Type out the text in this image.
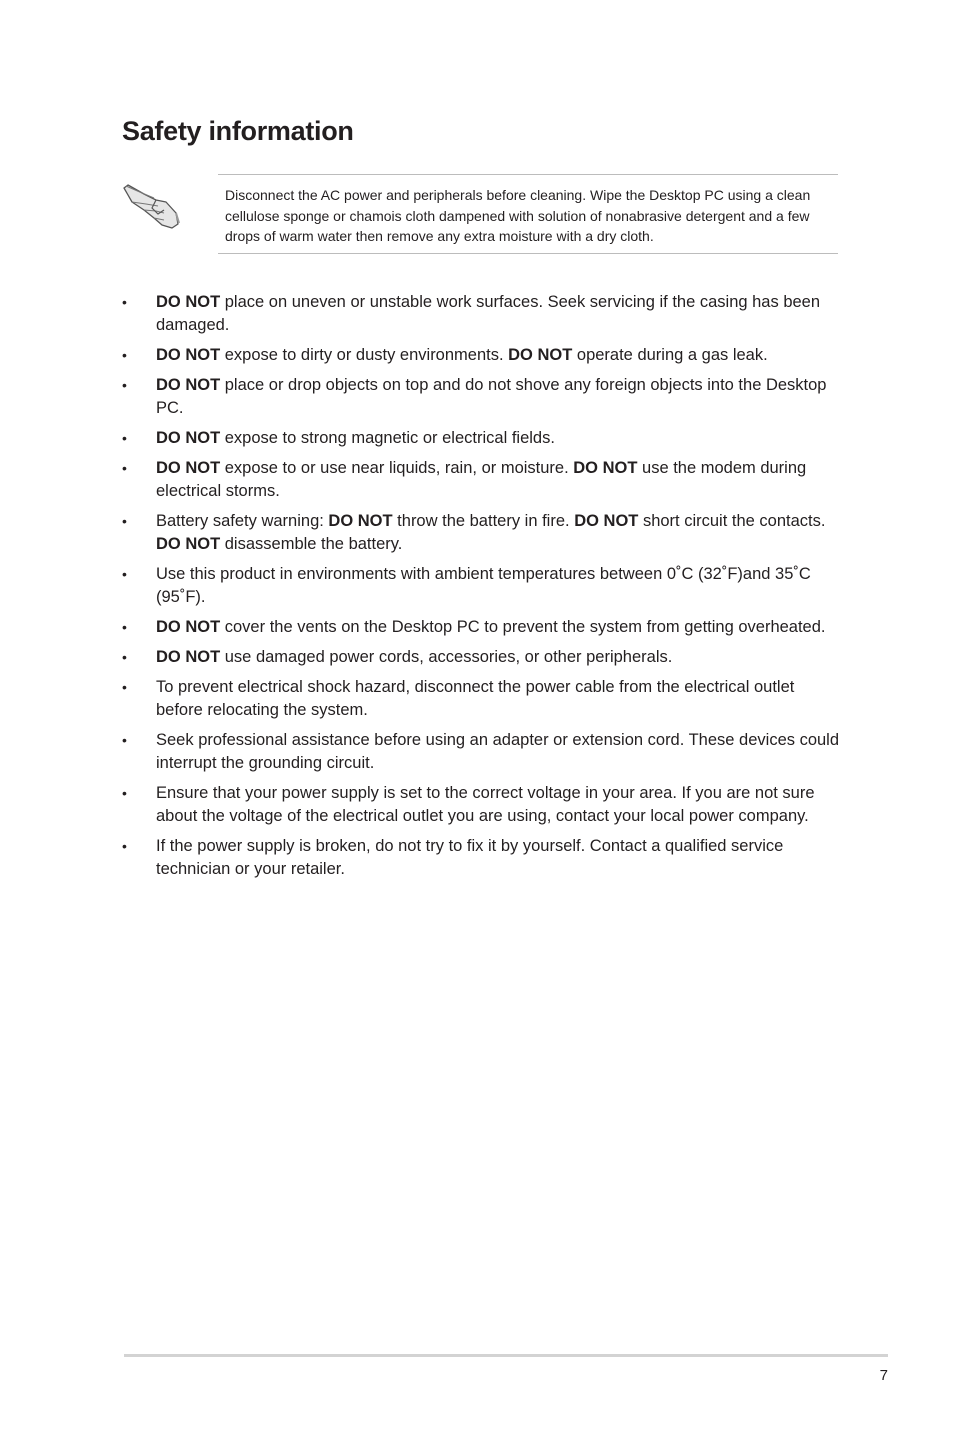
Safety information
Disconnect the AC power and peripherals before cleaning. Wipe the Desktop PC using a clean cellulose sponge or chamois cloth dampened with solution of nonabrasive detergent and a few drops of warm water then remove any extra moisture with a dry cloth.
• DO NOT place on uneven or unstable work surfaces. Seek servicing if the casing has been damaged.
• DO NOT expose to dirty or dusty environments. DO NOT operate during a gas leak.
• DO NOT place or drop objects on top and do not shove any foreign objects into the Desktop PC.
• DO NOT expose to strong magnetic or electrical fields.
• DO NOT expose to or use near liquids, rain, or moisture. DO NOT use the modem during electrical storms.
• Battery safety warning: DO NOT throw the battery in fire. DO NOT short circuit the contacts. DO NOT disassemble the battery.
• Use this product in environments with ambient temperatures between 0˚C (32˚F)and 35˚C (95˚F).
• DO NOT cover the vents on the Desktop PC to prevent the system from getting overheated.
• DO NOT use damaged power cords, accessories, or other peripherals.
• To prevent electrical shock hazard, disconnect the power cable from the electrical outlet before relocating the system.
• Seek professional assistance before using an adapter or extension cord. These devices could interrupt the grounding circuit.
• Ensure that your power supply is set to the correct voltage in your area. If you are not sure about the voltage of the electrical outlet you are using, contact your local power company.
• If the power supply is broken, do not try to fix it by yourself. Contact a qualified service technician or your retailer.
7
